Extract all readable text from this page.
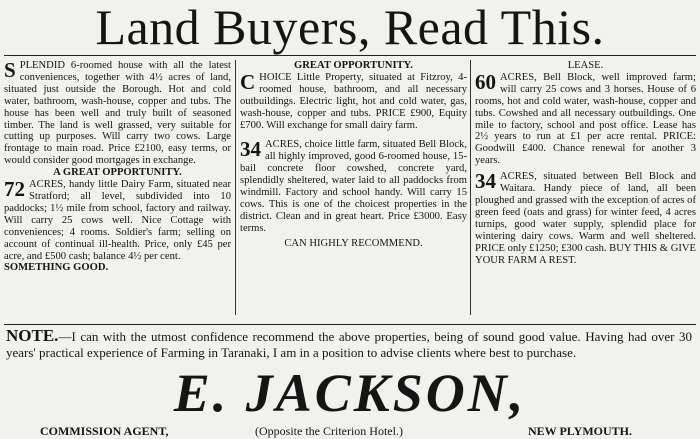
Land Buyers, Read This.

SPLENDID 6-roomed house with all the latest conveniences, together with 4½ acres of land, situated just outside the Borough. Hot and cold water, bathroom, wash-house, copper and tubs. The house has been well and truly built of seasoned timber. The land is well grassed, very suitable for cutting up purposes. Will carry two cows. Large frontage to main road. Price £2100, easy terms, or would consider good mortgages in exchange.

A GREAT OPPORTUNITY.

72 ACRES, handy little Dairy Farm, situated near Stratford; all level, subdivided into 10 paddocks; 1½ mile from school, factory and railway. Will carry 25 cows well. Nice Cottage with conveniences; 4 rooms. Soldier's farm; selling on account of continual ill-health. Price, only £45 per acre, and £500 cash; balance 4½ per cent.

SOMETHING GOOD.

GREAT OPPORTUNITY.

CHOICE Little Property, situated at Fitzroy, 4-roomed house, bathroom, and all necessary outbuildings. Electric light, hot and cold water, gas, wash-house, copper and tubs. PRICE £900, Equity £700. Will exchange for small dairy farm.

34 ACRES, choice little farm, situated Bell Block, all highly improved, good 6-roomed house, 15-bail concrete floor cowshed, concrete yard, splendidly sheltered, water laid to all paddocks from windmill. Factory and school handy. Will carry 15 cows. This is one of the choicest properties in the district. Clean and in great heart. Price £3000. Easy terms.

CAN HIGHLY RECOMMEND.

LEASE.

60 ACRES, Bell Block, well improved farm; will carry 25 cows and 3 horses. House of 6 rooms, hot and cold water, wash-house, copper and tubs. Cowshed and all necessary outbuildings. One mile to factory, school and post office. Lease has 2½ years to run at £1 per acre rental. PRICE: Goodwill £400. Chance renewal for another 3 years.

34 ACRES, situated between Bell Block and Waitara. Handy piece of land, all been ploughed and grassed with the exception of acres of green feed (oats and grass) for winter feed, 4 acres turnips, good water supply, splendid place for wintering dairy cows. Warm and well sheltered. PRICE only £1250; £300 cash. BUY THIS & GIVE YOUR FARM A REST.

NOTE.—I can with the utmost confidence recommend the above properties, being of sound good value. Having had over 30 years' practical experience of Farming in Taranaki, I am in a position to advise clients where best to purchase.
E. JACKSON,
COMMISSION AGENT,	(Opposite the Criterion Hotel.)	NEW PLYMOUTH.
